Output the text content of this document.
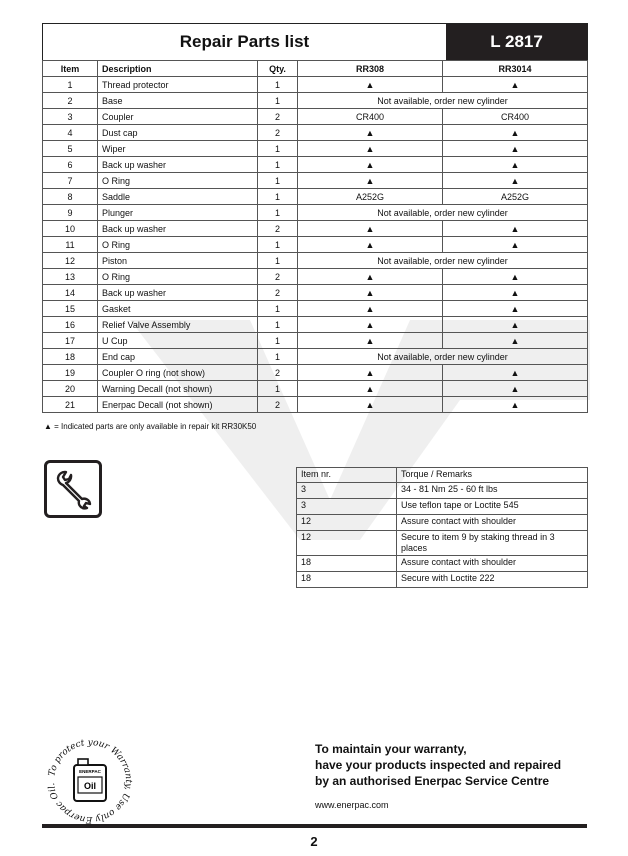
Repair Parts list	L 2817
Item	Description	Qty.	RR308	RR3014
1	Thread protector	1	▲	▲
2	Base	1	Not available, order new cylinder	
3	Coupler	2	CR400	CR400
4	Dust cap	2	▲	▲
5	Wiper	1	▲	▲
6	Back up washer	1	▲	▲
7	O Ring	1	▲	▲
8	Saddle	1	A252G	A252G
9	Plunger	1	Not available, order new cylinder	
10	Back up washer	2	▲	▲
11	O Ring	1	▲	▲
12	Piston	1	Not available, order new cylinder	
13	O Ring	2	▲	▲
14	Back up washer	2	▲	▲
15	Gasket	1	▲	▲
16	Relief Valve Assembly	1	▲	▲
17	U Cup	1	▲	▲
18	End cap	1	Not available, order new cylinder	
19	Coupler O ring (not show)	2	▲	▲
20	Warning Decall (not shown)	1	▲	▲
21	Enerpac Decall (not shown)	2	▲	▲
▲ = Indicated parts are only available in repair kit RR30K50
Item nr.	Torque / Remarks
3	34 - 81 Nm 25 - 60 ft lbs
3	Use teflon tape or Loctite 545
12	Assure contact with shoulder
12	Secure to item 9 by staking thread in 3 places
18	Assure contact with shoulder
18	Secure with Loctite 222
To protect your Warranty, Use only Enerpac Oil.
ENERPAC
Oil
To maintain your warranty,
have your products inspected and repaired
by an authorised Enerpac Service Centre
www.enerpac.com
2
